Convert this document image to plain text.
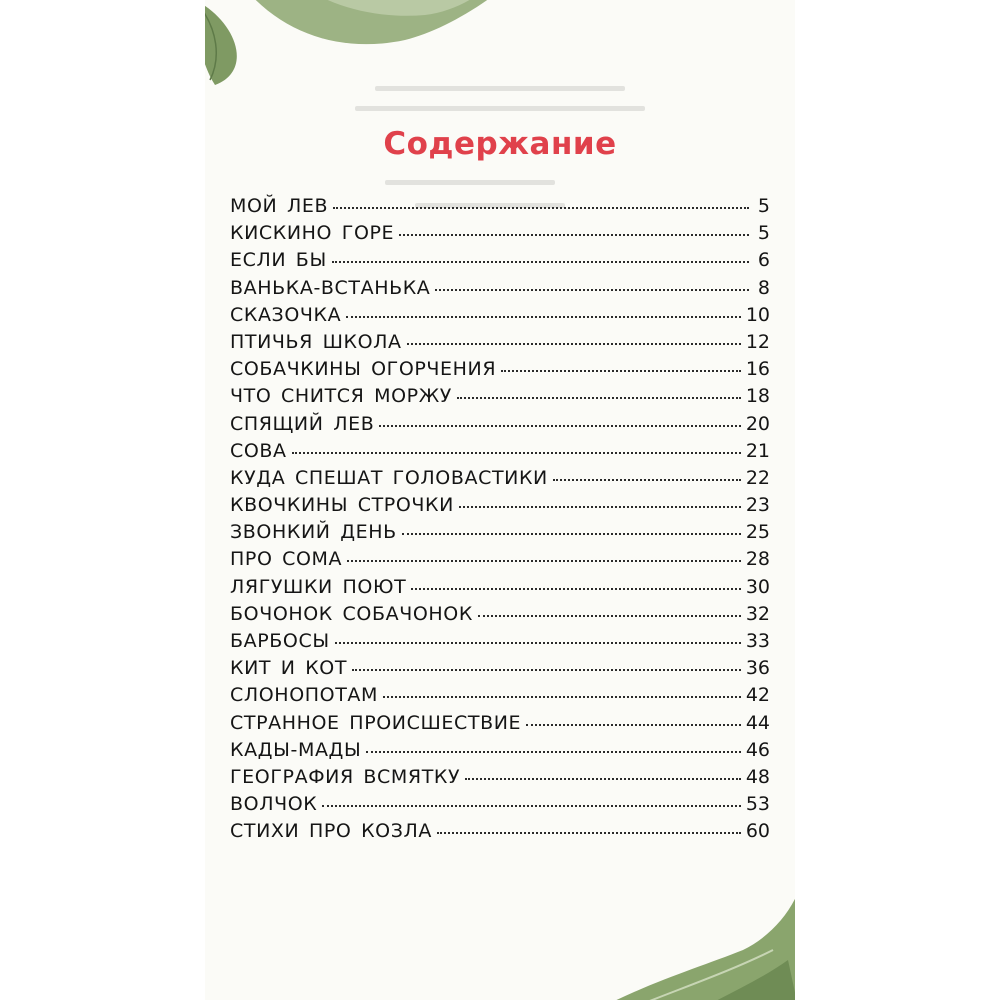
Содержание
МОЙ ЛЕВ	5
КИСКИНО ГОРЕ	5
ЕСЛИ БЫ	6
ВАНЬКА-ВСТАНЬКА	8
СКАЗОЧКА	10
ПТИЧЬЯ ШКОЛА	12
СОБАЧКИНЫ ОГОРЧЕНИЯ	16
ЧТО СНИТСЯ МОРЖУ	18
СПЯЩИЙ ЛЕВ	20
СОВА	21
КУДА СПЕШАТ ГОЛОВАСТИКИ	22
КВОЧКИНЫ СТРОЧКИ	23
ЗВОНКИЙ ДЕНЬ	25
ПРО СОМА	28
ЛЯГУШКИ ПОЮТ	30
БОЧОНОК СОБАЧОНОК	32
БАРБОСЫ	33
КИТ И КОТ	36
СЛОНОПОТАМ	42
СТРАННОЕ ПРОИСШЕСТВИЕ	44
КАДЫ-МАДЫ	46
ГЕОГРАФИЯ ВСМЯТКУ	48
ВОЛЧОК	53
СТИХИ ПРО КОЗЛА	60
